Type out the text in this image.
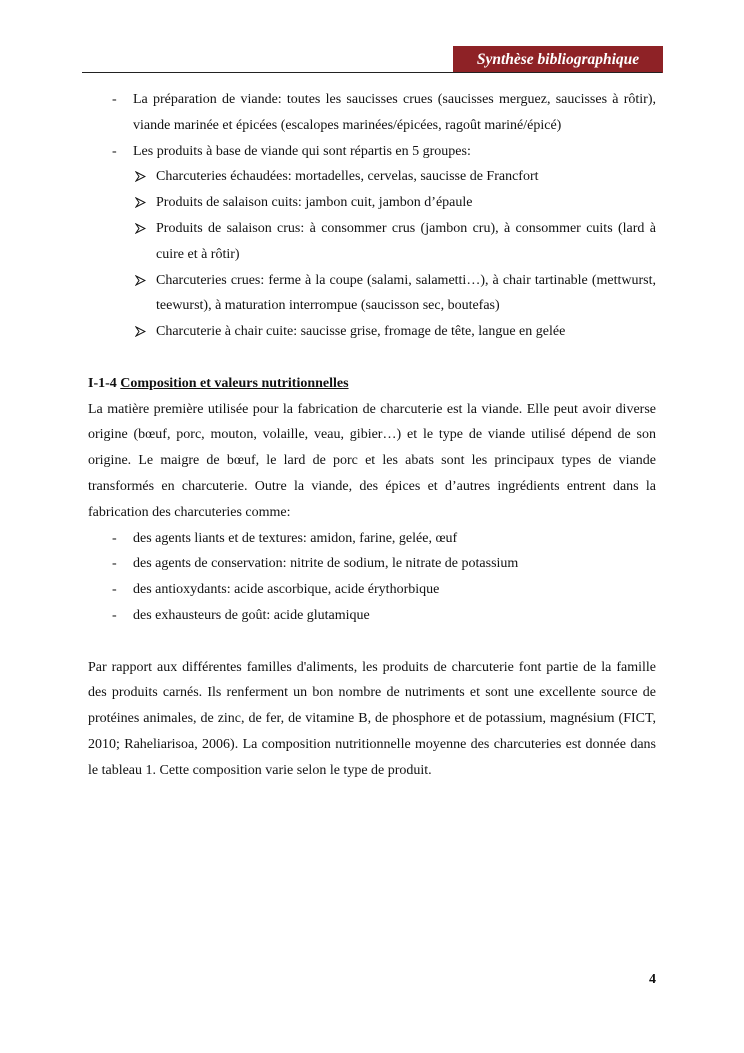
Synthèse bibliographique
- La préparation de viande: toutes les saucisses crues (saucisses merguez, saucisses à rôtir), viande marinée et épicées (escalopes marinées/épicées, ragoût mariné/épicé)
- Les produits à base de viande qui sont répartis en 5 groupes:
Charcuteries échaudées: mortadelles, cervelas, saucisse de Francfort
Produits de salaison cuits: jambon cuit, jambon d’épaule
Produits de salaison crus: à consommer crus (jambon cru), à consommer cuits (lard à cuire et à rôtir)
Charcuteries crues: ferme à la coupe (salami, salametti…), à chair tartinable (mettwurst, teewurst), à maturation interrompue (saucisson sec, boutefas)
Charcuterie à chair cuite: saucisse grise, fromage de tête, langue en gelée
I-1-4 Composition et valeurs nutritionnelles
La matière première utilisée pour la fabrication de charcuterie est la viande. Elle peut avoir diverse origine (bœuf, porc, mouton, volaille, veau, gibier…) et le type de viande utilisé dépend de son origine. Le maigre de bœuf, le lard de porc et les abats sont les principaux types de viande transformés en charcuterie. Outre la viande, des épices et d’autres ingrédients entrent dans la fabrication des charcuteries comme:
- des agents liants et de textures: amidon, farine, gelée, œuf
- des agents de conservation: nitrite de sodium, le nitrate de potassium
- des antioxydants: acide ascorbique, acide érythorbique
- des exhausteurs de goût: acide glutamique
Par rapport aux différentes familles d'aliments, les produits de charcuterie font partie de la famille des produits carnés. Ils renferment un bon nombre de nutriments et sont une excellente source de protéines animales, de zinc, de fer, de vitamine B, de phosphore et de potassium, magnésium (FICT, 2010; Raheliarisoa, 2006). La composition nutritionnelle moyenne des charcuteries est donnée dans le tableau 1. Cette composition varie selon le type de produit.
4
